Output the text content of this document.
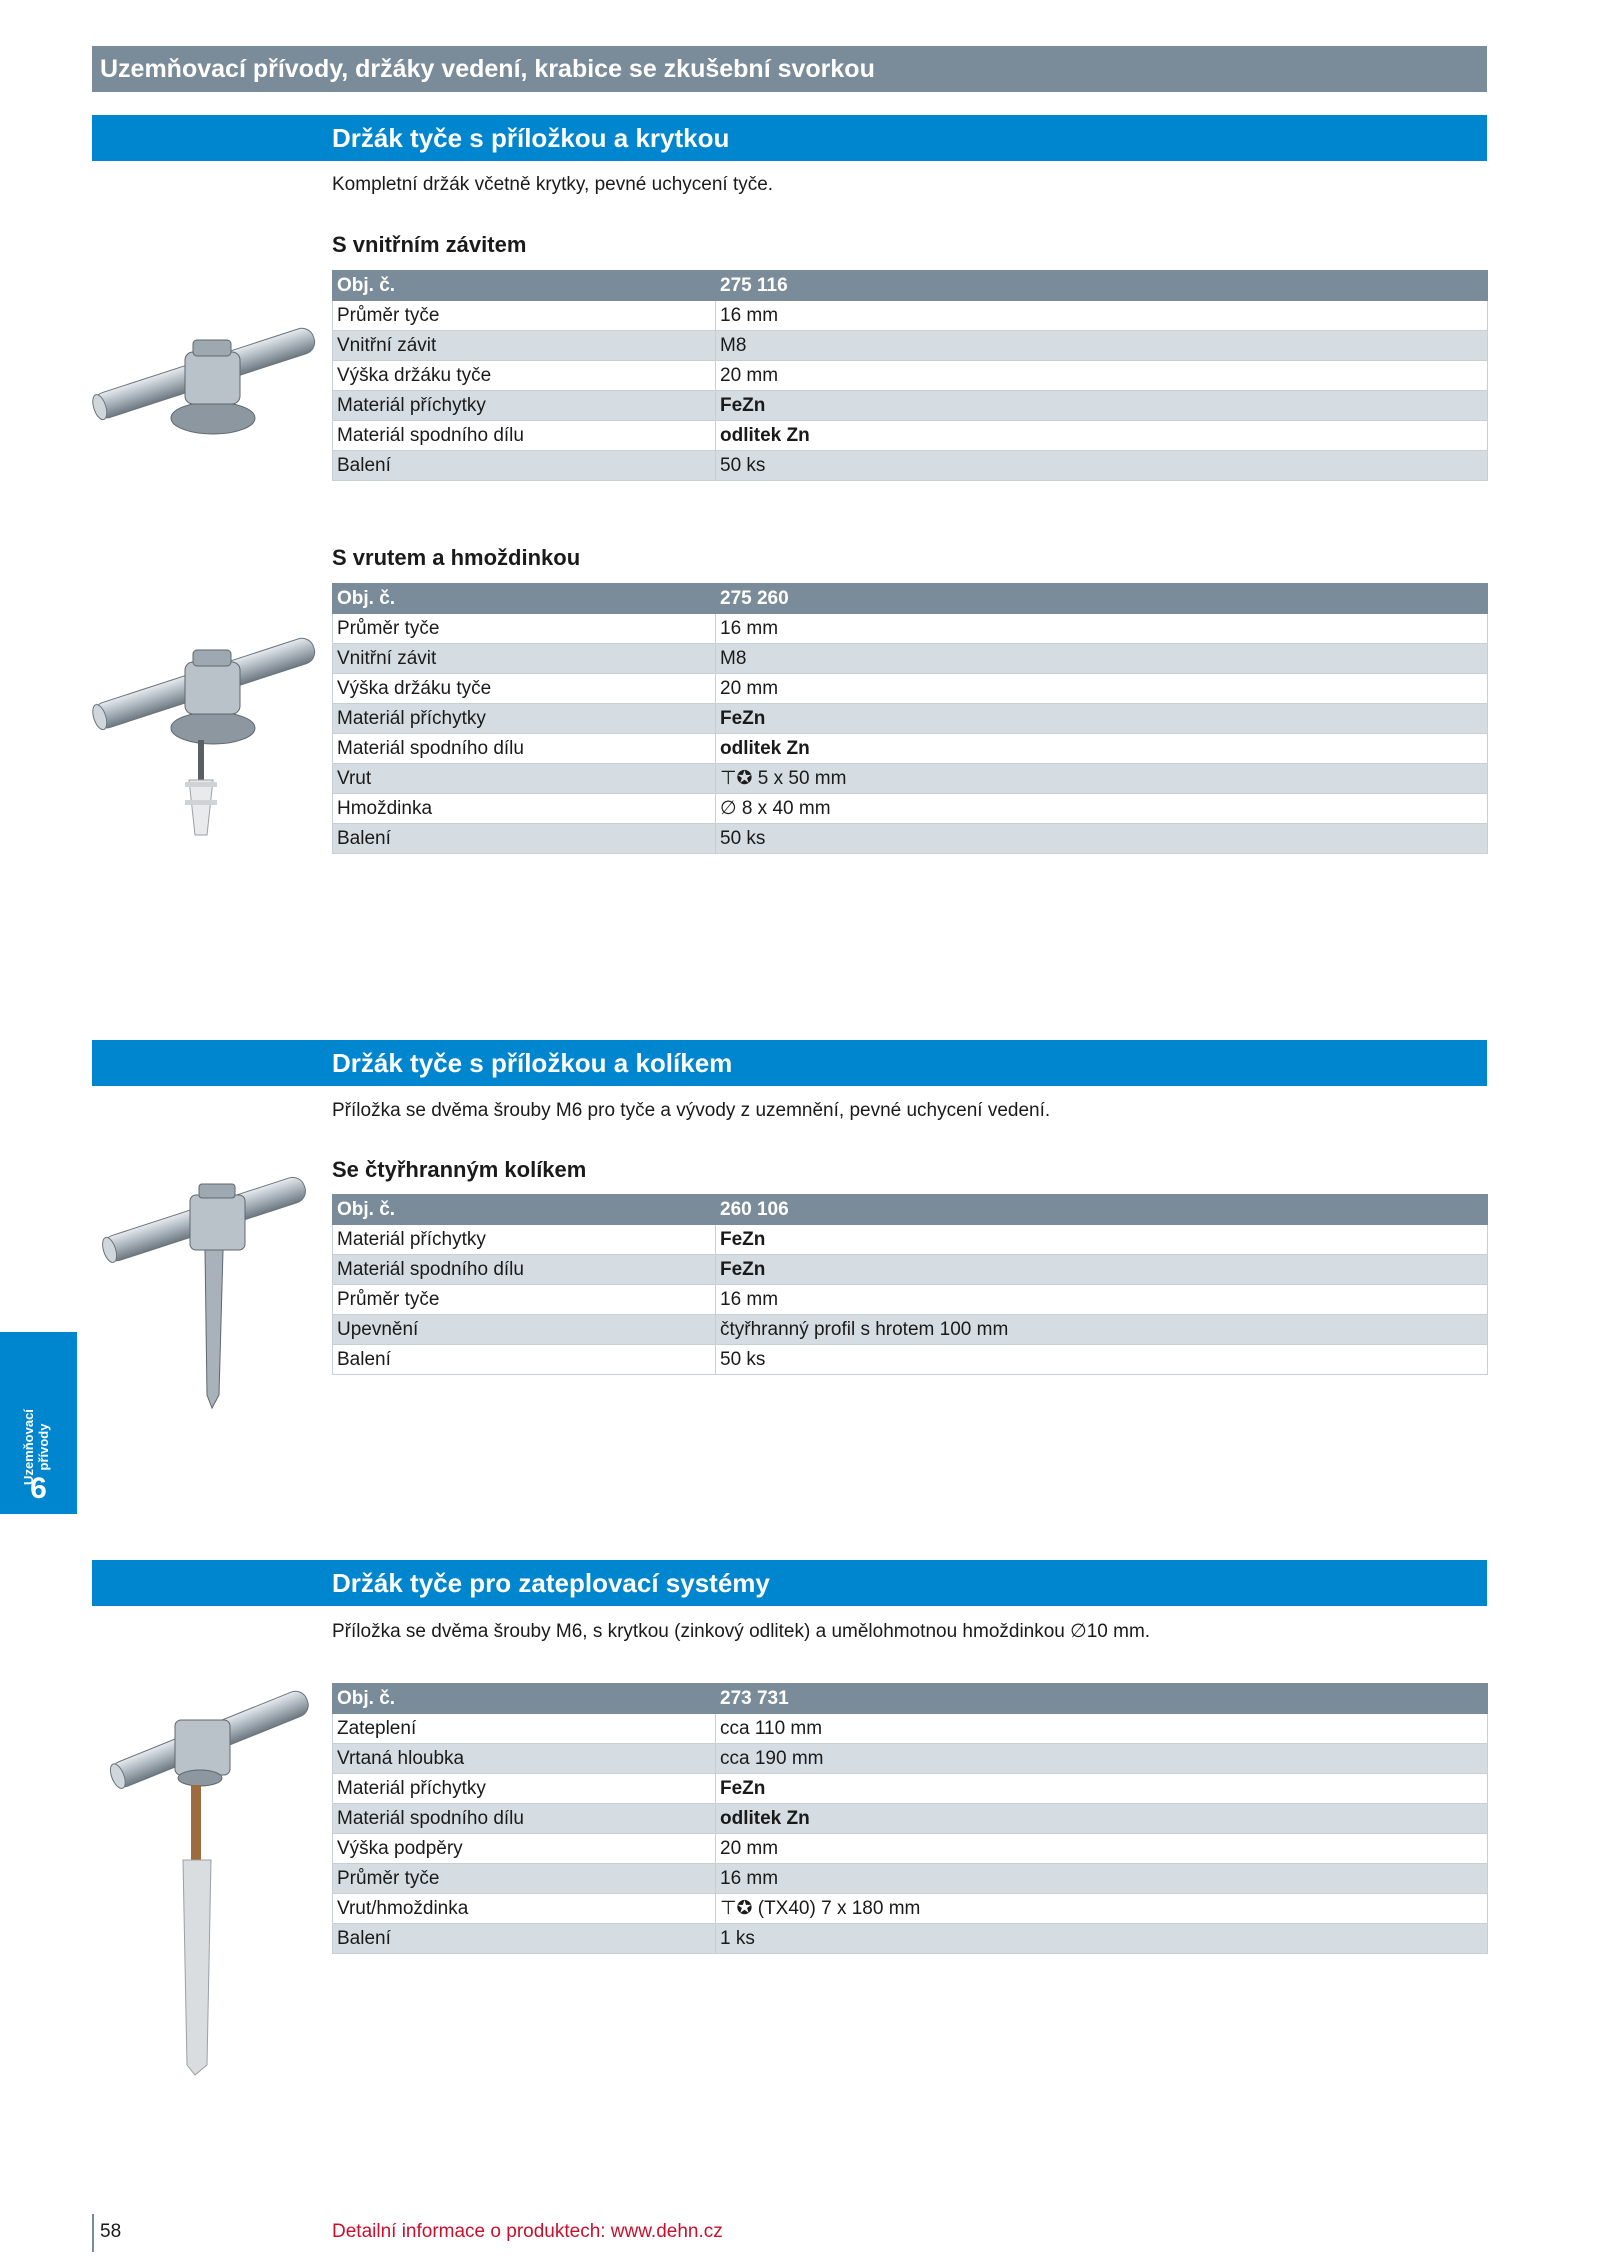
Uzemňovací přívody, držáky vedení, krabice se zkušební svorkou
Držák tyče s příložkou a krytkou
Kompletní držák včetně krytky, pevné uchycení tyče.
S vnitřním závitem
Obj. č.	275 116
Průměr tyče	16 mm
Vnitřní závit	M8
Výška držáku tyče	20 mm
Materiál příchytky	FeZn
Materiál spodního dílu	odlitek Zn
Balení	50 ks
S vrutem a hmoždinkou
Obj. č.	275 260
Průměr tyče	16 mm
Vnitřní závit	M8
Výška držáku tyče	20 mm
Materiál příchytky	FeZn
Materiál spodního dílu	odlitek Zn
Vrut	⊤✪ 5 x 50 mm
Hmoždinka	∅ 8 x 40 mm
Balení	50 ks
Držák tyče s příložkou a kolíkem
Příložka se dvěma šrouby M6 pro tyče a vývody z uzemnění, pevné uchycení vedení.
Se čtyřhranným kolíkem
Obj. č.	260 106
Materiál příchytky	FeZn
Materiál spodního dílu	FeZn
Průměr tyče	16 mm
Upevnění	čtyřhranný profil s hrotem 100 mm
Balení	50 ks
Uzemňovací
přívody
6
Držák tyče pro zateplovací systémy
Příložka se dvěma šrouby M6, s krytkou (zinkový odlitek) a umělohmotnou hmoždinkou ∅10 mm.
Obj. č.	273 731
Zateplení	cca 110 mm
Vrtaná hloubka	cca 190 mm
Materiál příchytky	FeZn
Materiál spodního dílu	odlitek Zn
Výška podpěry	20 mm
Průměr tyče	16 mm
Vrut/hmoždinka	⊤✪ (TX40) 7 x 180 mm
Balení	1 ks
58	Detailní informace o produktech: www.dehn.cz
